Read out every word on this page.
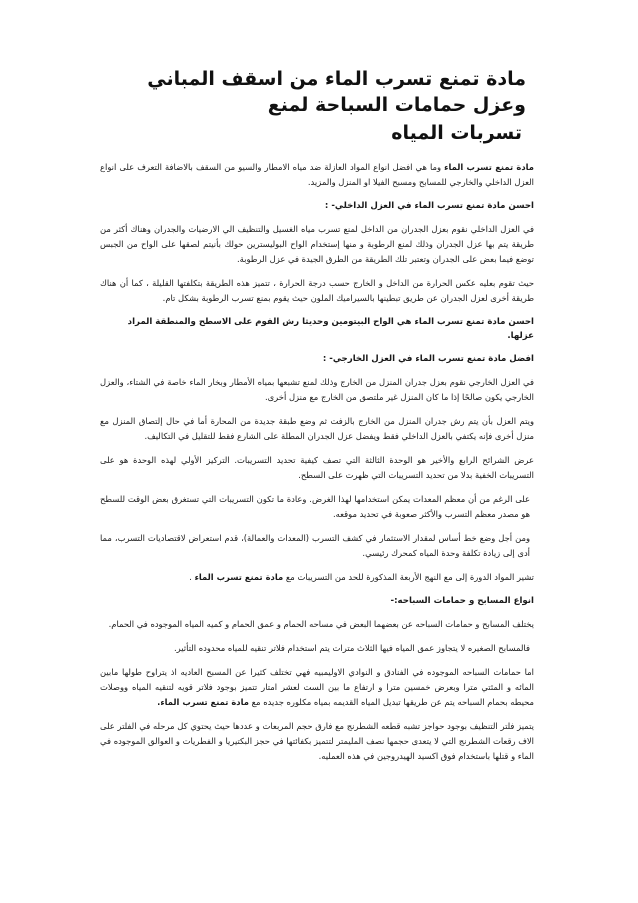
مادة تمنع تسرب الماء من اسقف المباني وعزل حمامات السباحة لمنع
تسربات المياه

مادة تمنع تسرب الماء وما هي افضل انواع المواد العازلة ضد مياه الامطار والسيو من السقف بالاضافة التعرف على انواع العزل الداخلي والخارجي للمسابح ومسبح الفيلا او المنزل والمزيد.

احسن مادة تمنع تسرب الماء في العزل الداخلي- :

في العزل الداخلي نقوم بعزل الجدران من الداخل لمنع تسرب مياه الغسيل والتنظيف الي الارضيات والجدران وهناك أكثر من طريقة يتم بها عزل الجدران وذلك لمنع الرطوبة و منها إستخدام الواح البوليسترين حولك بأنيتم لصقها على الواح من الجبس توضع فيما بعض على الجدران وتعتبر تلك الطريقة من الطرق الجيدة في عزل الرطوبة.

حيث تقوم بعليه عكس الحرارة من الداخل و الخارج حسب درجة الحرارة ، تتميز هذه الطريقة بتكلفتها القليلة ، كما أن هناك طريقة أخرى لعزل الجدران عن طريق تبطينها بالسيراميك الملون حيث يقوم بمنع تسرب الرطوبة بشكل تام.

احسن مادة تمنع تسرب الماء هي الواح البيتومين وحديثا رش الفوم على الاسطح والمنطقة المراد عزلها.
افضل مادة تمنع تسرب الماء في العزل الخارجي- :

في العزل الخارجي نقوم بعزل جدران المنزل من الخارج وذلك لمنع تشبعها بمياه الأمطار وبخار الماء خاصة في الشتاء، والعزل الخارجي يكون صالحًا إذا ما كان المنزل غير ملتصق من الخارج مع منزل أخرى.

ويتم العزل بأن يتم رش جدران المنزل من الخارج بالزفت ثم وضع طبقة جديدة من المحارة أما في حال إلتصاق المنزل مع منزل أخرى فإنه يكتفي بالعزل الداخلي فقط ويفضل عزل الجدران المطلة على الشارع فقط للتقليل في التكاليف.

عرض الشرائح الرابع والأخير هو الوحدة الثالثة التي تصف كيفية تحديد التسريبات. التركيز الأولي لهذه الوحدة هو على التسريبات الخفية بدلا من تحديد التسريبات التي ظهرت على السطح.

على الرغم من أن معظم المعدات يمكن استخدامها لهذا الغرض. وعادة ما تكون التسريبات التي تستغرق بعض الوقت للسطح هو مصدر معظم التسرب والأكثر صعوبة في تحديد موقعه.

ومن أجل وضع خط أساس لمقدار الاستثمار في كشف التسرب (المعدات والعمالة)، قدم استعراض لاقتصاديات التسرب، مما أدى إلى زيادة تكلفة وحدة المياه كمحرك رئيسي.

تشير المواد الدورة إلى مع النهج الأربعة المذكورة للحد من التسريبات مع مادة تمنع تسرب الماء .

انواع المسابح و حمامات السباحه:-

يختلف المسابح و حمامات السباحه عن بعضهما البعض في مساحه الحمام و عمق الحمام و كميه المياه الموجوده في الحمام.

فالمسابح الصغيره لا يتجاوز عمق المياه فيها الثلاث مترات يتم استخدام فلاتر تنقيه للمياه محدوده التأثير.

اما حمامات السباحه الموجوده في الفنادق و النوادي الاوليمبيه فهي تختلف كثيرا عن المسبح العاديه اذ يتراوح طولها مابين المائه و المئتي مترا وبعرض خمسين مترا و ارتفاع ما بين الست لعشر امتار تتميز بوجود فلاتر قويه لتنقيه المياه ووصلات محيطه بحمام السباحه يتم عن طريقها تبديل المياه القديمه بمياه مكلوره جديده مع مادة تمنع تسرب الماء.

يتميز فلتر التنظيف بوجود حواجز تشبه قطعه الشطرنج مع فارق حجم المربعات و عددها حيث يحتوي كل مرحله في الفلتر على الاف رقعات الشطرنج التي لا يتعدى حجمها نصف المليمتر لتتميز بكفائتها في حجز البكتيريا و الفطريات و العوالق الموجوده في الماء و قتلها باستخدام فوق اكسيد الهيدروجين في هذه العمليه.
